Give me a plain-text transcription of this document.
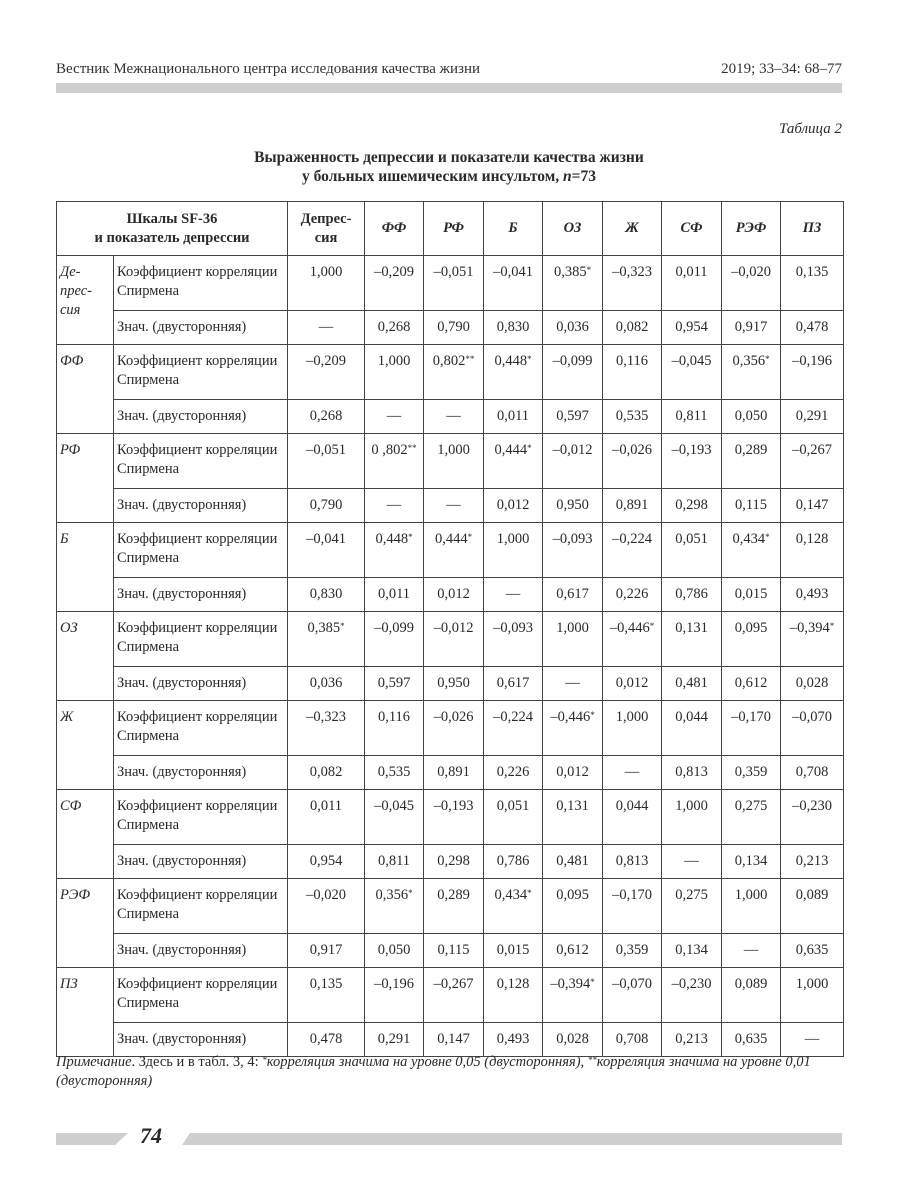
Вестник Межнационального центра исследования качества жизни	2019; 33–34: 68–77
Таблица 2
Выраженность депрессии и показатели качества жизни
у больных ишемическим инсультом, n=73
Шкалы SF-36
и показатель депрессии		Депрес-
сия	ФФ	РФ	Б	ОЗ	Ж	СФ	РЭФ	ПЗ
Де-
прес-
сия	Коэффициент корреляции Спирмена	1,000	–0,209	–0,051	–0,041	0,385*	–0,323	0,011	–0,020	0,135
	Знач. (двусторонняя)	—	0,268	0,790	0,830	0,036	0,082	0,954	0,917	0,478
ФФ	Коэффициент корреляции Спирмена	–0,209	1,000	0,802**	0,448*	–0,099	0,116	–0,045	0,356*	–0,196
	Знач. (двусторонняя)	0,268	—	—	0,011	0,597	0,535	0,811	0,050	0,291
РФ	Коэффициент корреляции Спирмена	–0,051	0 ,802**	1,000	0,444*	–0,012	–0,026	–0,193	0,289	–0,267
	Знач. (двусторонняя)	0,790	—	—	0,012	0,950	0,891	0,298	0,115	0,147
Б	Коэффициент корреляции Спирмена	–0,041	0,448*	0,444*	1,000	–0,093	–0,224	0,051	0,434*	0,128
	Знач. (двусторонняя)	0,830	0,011	0,012	—	0,617	0,226	0,786	0,015	0,493
ОЗ	Коэффициент корреляции Спирмена	0,385*	–0,099	–0,012	–0,093	1,000	–0,446*	0,131	0,095	–0,394*
	Знач. (двусторонняя)	0,036	0,597	0,950	0,617	—	0,012	0,481	0,612	0,028
Ж	Коэффициент корреляции Спирмена	–0,323	0,116	–0,026	–0,224	–0,446*	1,000	0,044	–0,170	–0,070
	Знач. (двусторонняя)	0,082	0,535	0,891	0,226	0,012	—	0,813	0,359	0,708
СФ	Коэффициент корреляции Спирмена	0,011	–0,045	–0,193	0,051	0,131	0,044	1,000	0,275	–0,230
	Знач. (двусторонняя)	0,954	0,811	0,298	0,786	0,481	0,813	—	0,134	0,213
РЭФ	Коэффициент корреляции Спирмена	–0,020	0,356*	0,289	0,434*	0,095	–0,170	0,275	1,000	0,089
	Знач. (двусторонняя)	0,917	0,050	0,115	0,015	0,612	0,359	0,134	—	0,635
ПЗ	Коэффициент корреляции Спирмена	0,135	–0,196	–0,267	0,128	–0,394*	–0,070	–0,230	0,089	1,000
	Знач. (двусторонняя)	0,478	0,291	0,147	0,493	0,028	0,708	0,213	0,635	—
Примечание. Здесь и в табл. 3, 4: *корреляция значима на уровне 0,05 (двусторонняя), **корреляция значима на уровне 0,01 (двусторонняя)
74
